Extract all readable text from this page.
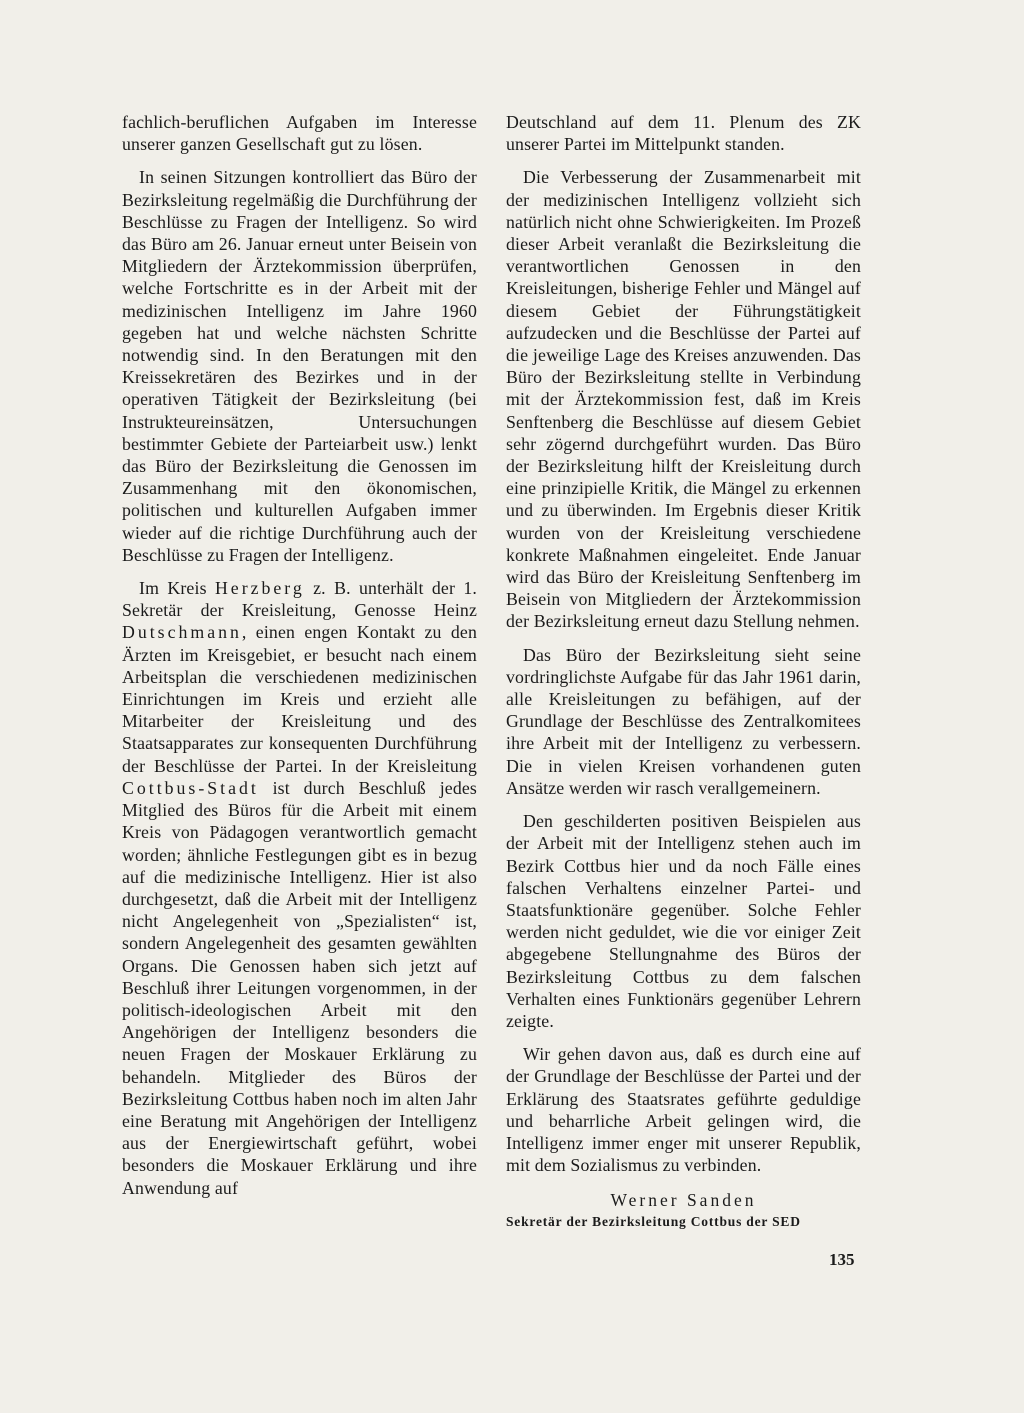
fachlich-beruflichen Aufgaben im Interesse unserer ganzen Gesellschaft gut zu lösen.

In seinen Sitzungen kontrolliert das Büro der Bezirksleitung regelmäßig die Durchführung der Beschlüsse zu Fragen der Intelligenz. So wird das Büro am 26. Januar erneut unter Beisein von Mitgliedern der Ärztekommission überprüfen, welche Fortschritte es in der Arbeit mit der medizinischen Intelligenz im Jahre 1960 gegeben hat und welche nächsten Schritte notwendig sind. In den Beratungen mit den Kreissekretären des Bezirkes und in der operativen Tätigkeit der Bezirksleitung (bei Instrukteureinsätzen, Untersuchungen bestimmter Gebiete der Parteiarbeit usw.) lenkt das Büro der Bezirksleitung die Genossen im Zusammenhang mit den ökonomischen, politischen und kulturellen Aufgaben immer wieder auf die richtige Durchführung auch der Beschlüsse zu Fragen der Intelligenz.

Im Kreis Herzberg z. B. unterhält der 1. Sekretär der Kreisleitung, Genosse Heinz Dutschmann, einen engen Kontakt zu den Ärzten im Kreisgebiet, er besucht nach einem Arbeitsplan die verschiedenen medizinischen Einrichtungen im Kreis und erzieht alle Mitarbeiter der Kreisleitung und des Staatsapparates zur konsequenten Durchführung der Beschlüsse der Partei. In der Kreisleitung Cottbus-Stadt ist durch Beschluß jedes Mitglied des Büros für die Arbeit mit einem Kreis von Pädagogen verantwortlich gemacht worden; ähnliche Festlegungen gibt es in bezug auf die medizinische Intelligenz. Hier ist also durchgesetzt, daß die Arbeit mit der Intelligenz nicht Angelegenheit von „Spezialisten“ ist, sondern Angelegenheit des gesamten gewählten Organs. Die Genossen haben sich jetzt auf Beschluß ihrer Leitungen vorgenommen, in der politisch-ideologischen Arbeit mit den Angehörigen der Intelligenz besonders die neuen Fragen der Moskauer Erklärung zu behandeln. Mitglieder des Büros der Bezirksleitung Cottbus haben noch im alten Jahr eine Beratung mit Angehörigen der Intelligenz aus der Energiewirtschaft geführt, wobei besonders die Moskauer Erklärung und ihre Anwendung auf

Deutschland auf dem 11. Plenum des ZK unserer Partei im Mittelpunkt standen.

Die Verbesserung der Zusammenarbeit mit der medizinischen Intelligenz vollzieht sich natürlich nicht ohne Schwierigkeiten. Im Prozeß dieser Arbeit veranlaßt die Bezirksleitung die verantwortlichen Genossen in den Kreisleitungen, bisherige Fehler und Mängel auf diesem Gebiet der Führungstätigkeit aufzudecken und die Beschlüsse der Partei auf die jeweilige Lage des Kreises anzuwenden. Das Büro der Bezirksleitung stellte in Verbindung mit der Ärztekommission fest, daß im Kreis Senftenberg die Beschlüsse auf diesem Gebiet sehr zögernd durchgeführt wurden. Das Büro der Bezirksleitung hilft der Kreisleitung durch eine prinzipielle Kritik, die Mängel zu erkennen und zu überwinden. Im Ergebnis dieser Kritik wurden von der Kreisleitung verschiedene konkrete Maßnahmen eingeleitet. Ende Januar wird das Büro der Kreisleitung Senftenberg im Beisein von Mitgliedern der Ärztekommission der Bezirksleitung erneut dazu Stellung nehmen.

Das Büro der Bezirksleitung sieht seine vordringlichste Aufgabe für das Jahr 1961 darin, alle Kreisleitungen zu befähigen, auf der Grundlage der Beschlüsse des Zentralkomitees ihre Arbeit mit der Intelligenz zu verbessern. Die in vielen Kreisen vorhandenen guten Ansätze werden wir rasch verallgemeinern.

Den geschilderten positiven Beispielen aus der Arbeit mit der Intelligenz stehen auch im Bezirk Cottbus hier und da noch Fälle eines falschen Verhaltens einzelner Partei- und Staatsfunktionäre gegenüber. Solche Fehler werden nicht geduldet, wie die vor einiger Zeit abgegebene Stellungnahme des Büros der Bezirksleitung Cottbus zu dem falschen Verhalten eines Funktionärs gegenüber Lehrern zeigte.

Wir gehen davon aus, daß es durch eine auf der Grundlage der Beschlüsse der Partei und der Erklärung des Staatsrates geführte geduldige und beharrliche Arbeit gelingen wird, die Intelligenz immer enger mit unserer Republik, mit dem Sozialismus zu verbinden.

Werner Sanden
Sekretär der Bezirksleitung Cottbus der SED
135
